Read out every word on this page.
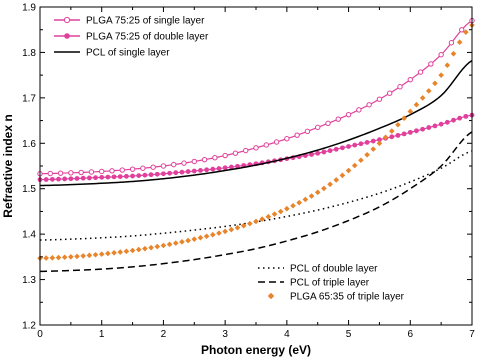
0	1	2	3	4	5	6	7
1.2
1.3
1.4
1.5
1.6
1.7
1.8
1.9
Photon energy (eV)
Refractive index n
PLGA 75:25 of single layer
PLGA 75:25 of double layer
PCL of single layer
PCL of double layer
PCL of triple layer
PLGA 65:35 of triple layer
